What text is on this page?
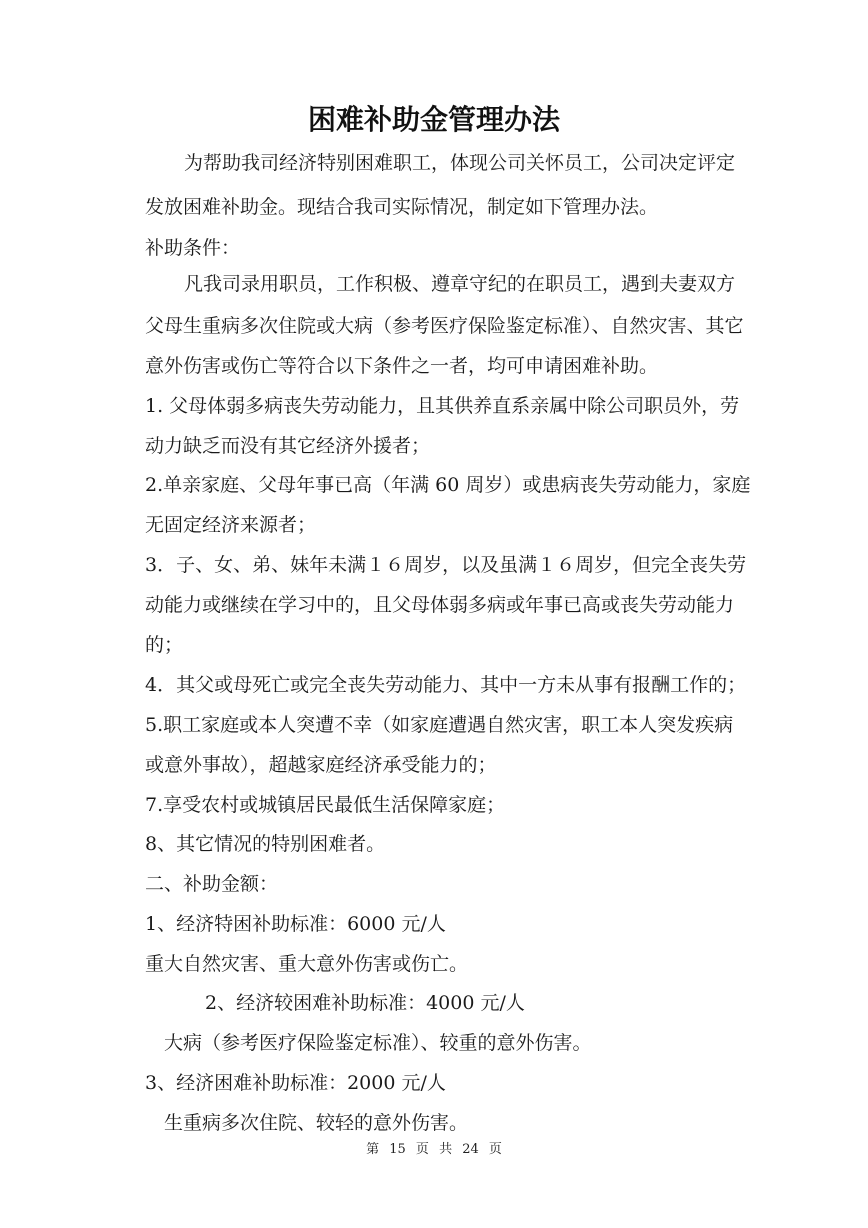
困难补助金管理办法
为帮助我司经济特别困难职工，体现公司关怀员工，公司决定评定
发放困难补助金。现结合我司实际情况，制定如下管理办法。
补助条件：
凡我司录用职员，工作积极、遵章守纪的在职员工，遇到夫妻双方
父母生重病多次住院或大病（参考医疗保险鉴定标准）、自然灾害、其它
意外伤害或伤亡等符合以下条件之一者，均可申请困难补助。
1. 父母体弱多病丧失劳动能力，且其供养直系亲属中除公司职员外，劳
动力缺乏而没有其它经济外援者；
2.单亲家庭、父母年事已高（年满 60 周岁）或患病丧失劳动能力，家庭
无固定经济来源者；
3．子、女、弟、妹年未满１６周岁，以及虽满１６周岁，但完全丧失劳
动能力或继续在学习中的，且父母体弱多病或年事已高或丧失劳动能力
的；
4．其父或母死亡或完全丧失劳动能力、其中一方未从事有报酬工作的；
5.职工家庭或本人突遭不幸（如家庭遭遇自然灾害，职工本人突发疾病
或意外事故），超越家庭经济承受能力的；
7.享受农村或城镇居民最低生活保障家庭；
8、其它情况的特别困难者。
二、补助金额：
1、经济特困补助标准：6000 元/人
重大自然灾害、重大意外伤害或伤亡。
2、经济较困难补助标准：4000 元/人
大病（参考医疗保险鉴定标准）、较重的意外伤害。
3、经济困难补助标准：2000 元/人
生重病多次住院、较轻的意外伤害。
第 15 页 共 24 页
